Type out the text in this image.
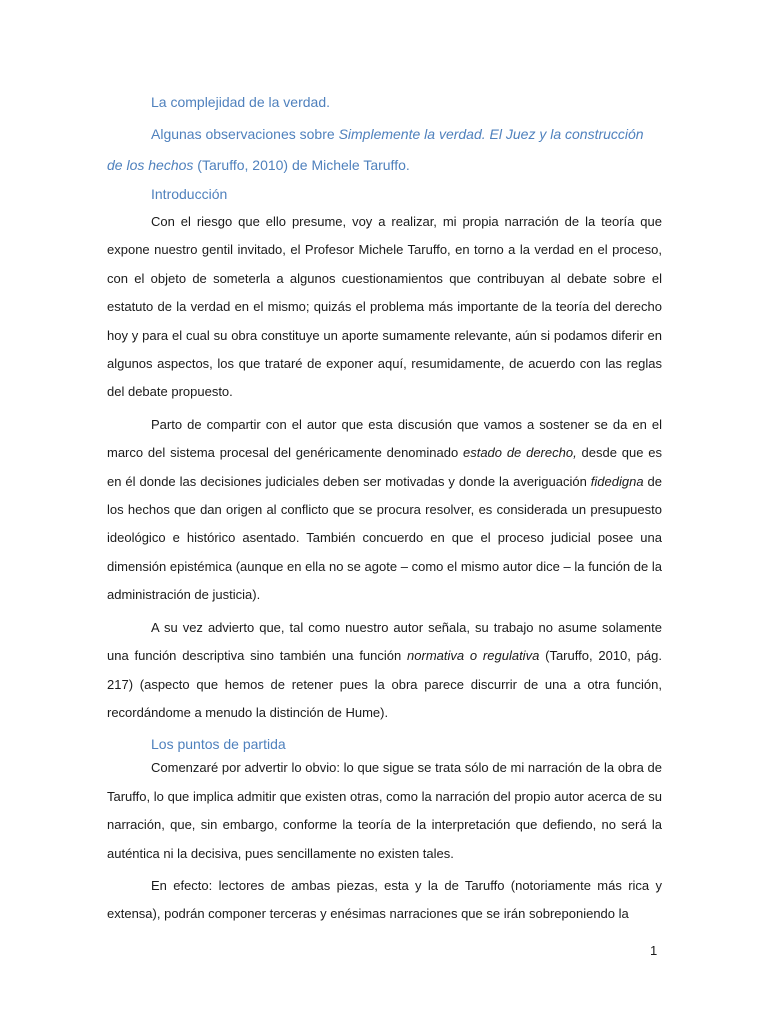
La complejidad de la verdad.

Algunas observaciones sobre Simplemente la verdad. El Juez y la construcción de los hechos (Taruffo, 2010) de Michele Taruffo.

Introducción

Con el riesgo que ello presume, voy a realizar, mi propia narración de la teoría que expone nuestro gentil invitado, el Profesor Michele Taruffo, en torno a la verdad en el proceso, con el objeto de someterla a algunos cuestionamientos que contribuyan al debate sobre el estatuto de la verdad en el mismo; quizás el problema más importante de la teoría del derecho hoy y para el cual su obra constituye un aporte sumamente relevante, aún si podamos diferir en algunos aspectos, los que trataré de exponer aquí, resumidamente, de acuerdo con las reglas del debate propuesto.

Parto de compartir con el autor que esta discusión que vamos a sostener se da en el marco del sistema procesal del genéricamente denominado estado de derecho, desde que es en él donde las decisiones judiciales deben ser motivadas y donde la averiguación fidedigna de los hechos que dan origen al conflicto que se procura resolver, es considerada un presupuesto ideológico e histórico asentado. También concuerdo en que el proceso judicial posee una dimensión epistémica (aunque en ella no se agote – como el mismo autor dice – la función de la administración de justicia).

A su vez advierto que, tal como nuestro autor señala, su trabajo no asume solamente una función descriptiva sino también una función normativa o regulativa (Taruffo, 2010, pág. 217) (aspecto que hemos de retener pues la obra parece discurrir de una a otra función, recordándome a menudo la distinción de Hume).

Los puntos de partida

Comenzaré por advertir lo obvio: lo que sigue se trata sólo de mi narración de la obra de Taruffo, lo que implica admitir que existen otras, como la narración del propio autor acerca de su narración, que, sin embargo, conforme la teoría de la interpretación que defiendo, no será la auténtica ni la decisiva, pues sencillamente no existen tales.

En efecto: lectores de ambas piezas, esta y la de Taruffo (notoriamente más rica y extensa), podrán componer terceras y enésimas narraciones que se irán sobreponiendo la

1
